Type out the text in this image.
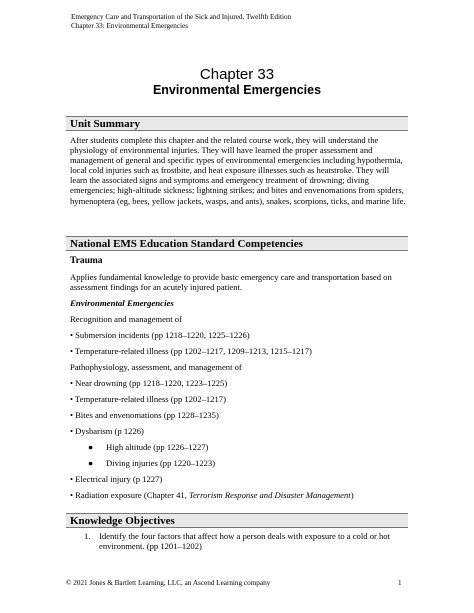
Emergency Care and Transportation of the Sick and Injured, Twelfth Edition
Chapter 33: Environmental Emergencies
Chapter 33
Environmental Emergencies
Unit Summary
After students complete this chapter and the related course work, they will understand the physiology of environmental injuries. They will have learned the proper assessment and management of general and specific types of environmental emergencies including hypothermia, local cold injuries such as frostbite, and heat exposure illnesses such as heatstroke. They will learn the associated signs and symptoms and emergency treatment of drowning; diving emergencies; high-altitude sickness; lightning strikes; and bites and envenomations from spiders, hymenoptera (eg, bees, yellow jackets, wasps, and ants), snakes, scorpions, ticks, and marine life.
National EMS Education Standard Competencies
Trauma
Applies fundamental knowledge to provide basic emergency care and transportation based on assessment findings for an acutely injured patient.
Environmental Emergencies
Recognition and management of
• Submersion incidents (pp 1218–1220, 1225–1226)
• Temperature-related illness (pp 1202–1217, 1209–1213, 1215–1217)
Pathophysiology, assessment, and management of
• Near drowning (pp 1218–1220, 1223–1225)
• Temperature-related illness (pp 1202–1217)
• Bites and envenomations (pp 1228–1235)
• Dysbarism (p 1226)
● High altitude (pp 1226–1227)
● Diving injuries (pp 1220–1223)
• Electrical injury (p 1227)
• Radiation exposure (Chapter 41, Terrorism Response and Disaster Management)
Knowledge Objectives
1. Identify the four factors that affect how a person deals with exposure to a cold or hot environment. (pp 1201–1202)
© 2021 Jones & Bartlett Learning, LLC, an Ascend Learning company	1
